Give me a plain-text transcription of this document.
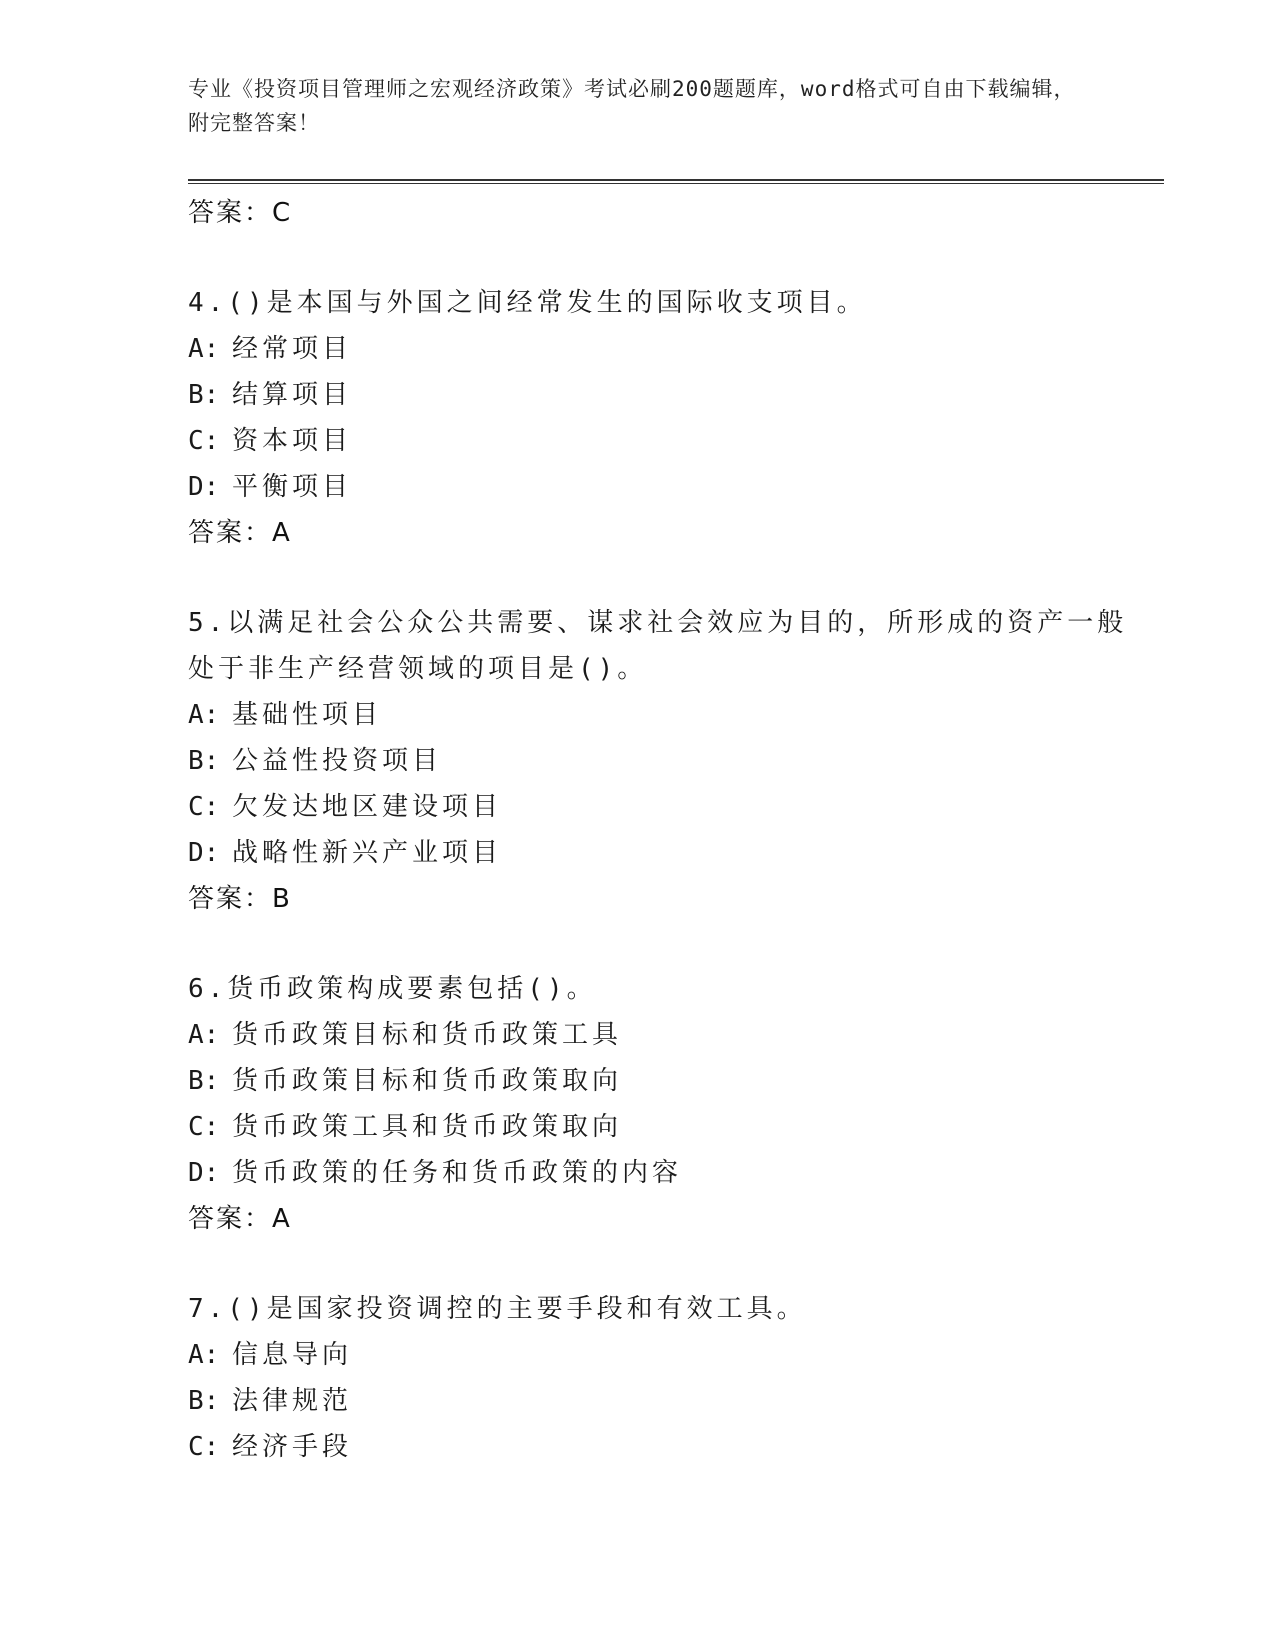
专业《投资项目管理师之宏观经济政策》考试必刷200题题库，word格式可自由下载编辑，附完整答案！
答案：C
4.()是本国与外国之间经常发生的国际收支项目。
A: 经常项目
B: 结算项目
C: 资本项目
D: 平衡项目
答案：A
5.以满足社会公众公共需要、谋求社会效应为目的，所形成的资产一般处于非生产经营领域的项目是()。
A: 基础性项目
B: 公益性投资项目
C: 欠发达地区建设项目
D: 战略性新兴产业项目
答案：B
6.货币政策构成要素包括()。
A: 货币政策目标和货币政策工具
B: 货币政策目标和货币政策取向
C: 货币政策工具和货币政策取向
D: 货币政策的任务和货币政策的内容
答案：A
7.()是国家投资调控的主要手段和有效工具。
A: 信息导向
B: 法律规范
C: 经济手段
